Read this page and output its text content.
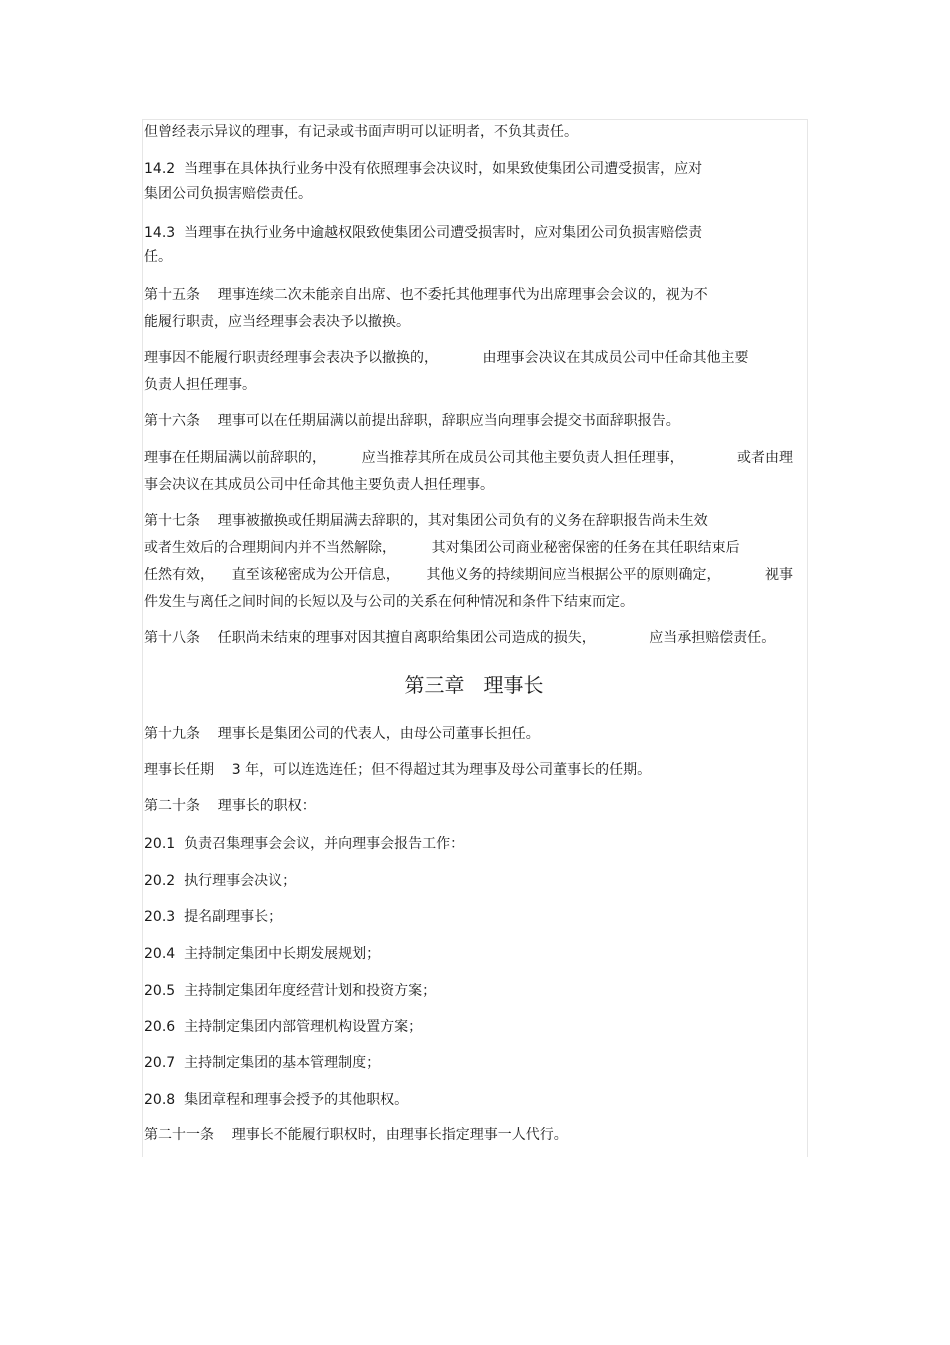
但曾经表示异议的理事，有记录或书面声明可以证明者，不负其责任。
14.2  当理事在具体执行业务中没有依照理事会决议时，如果致使集团公司遭受损害，应对
集团公司负损害赔偿责任。
14.3  当理事在执行业务中逾越权限致使集团公司遭受损害时，应对集团公司负损害赔偿责
任。
第十五条    理事连续二次未能亲自出席、也不委托其他理事代为出席理事会会议的，视为不
能履行职责，应当经理事会表决予以撤换。
理事因不能履行职责经理事会表决予以撤换的，          由理事会决议在其成员公司中任命其他主要
负责人担任理事。
第十六条    理事可以在任期届满以前提出辞职，辞职应当向理事会提交书面辞职报告。
理事在任期届满以前辞职的，        应当推荐其所在成员公司其他主要负责人担任理事，            或者由理
事会决议在其成员公司中任命其他主要负责人担任理事。
第十七条    理事被撤换或任期届满去辞职的，其对集团公司负有的义务在辞职报告尚未生效
或者生效后的合理期间内并不当然解除，        其对集团公司商业秘密保密的任务在其任职结束后
任然有效，    直至该秘密成为公开信息，      其他义务的持续期间应当根据公平的原则确定，          视事
件发生与离任之间时间的长短以及与公司的关系在何种情况和条件下结束而定。
第十八条    任职尚未结束的理事对因其擅自离职给集团公司造成的损失，            应当承担赔偿责任。
第三章   理事长
第十九条    理事长是集团公司的代表人，由母公司董事长担任。
理事长任期    3 年，可以连选连任；但不得超过其为理事及母公司董事长的任期。
第二十条    理事长的职权：
20.1  负责召集理事会会议，并向理事会报告工作：
20.2  执行理事会决议；
20.3  提名副理事长；
20.4  主持制定集团中长期发展规划；
20.5  主持制定集团年度经营计划和投资方案；
20.6  主持制定集团内部管理机构设置方案；
20.7  主持制定集团的基本管理制度；
20.8  集团章程和理事会授予的其他职权。
第二十一条    理事长不能履行职权时，由理事长指定理事一人代行。
